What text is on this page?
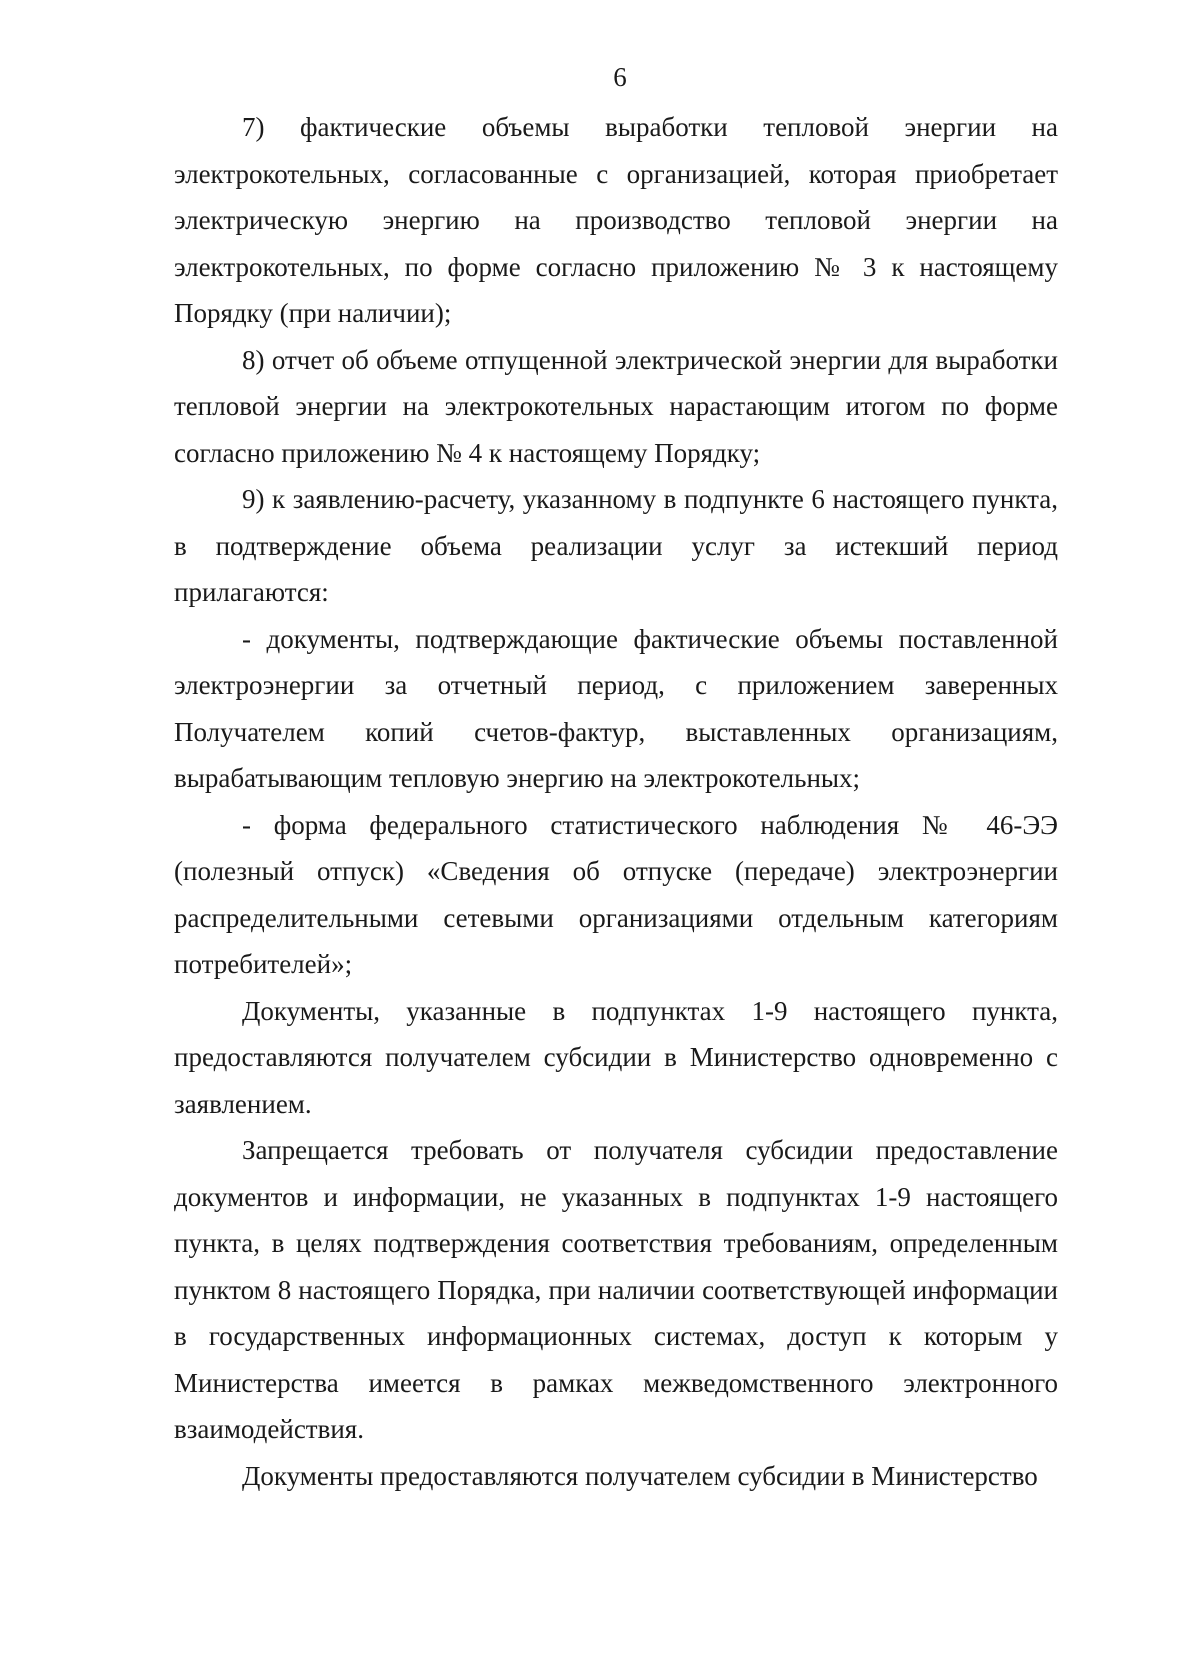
6

7) фактические объемы выработки тепловой энергии на электрокотельных, согласованные с организацией, которая приобретает электрическую энергию на производство тепловой энергии на электрокотельных, по форме согласно приложению № 3 к настоящему Порядку (при наличии);

8) отчет об объеме отпущенной электрической энергии для выработки тепловой энергии на электрокотельных нарастающим итогом по форме согласно приложению № 4 к настоящему Порядку;

9) к заявлению-расчету, указанному в подпункте 6 настоящего пункта, в подтверждение объема реализации услуг за истекший период прилагаются:

- документы, подтверждающие фактические объемы поставленной электроэнергии за отчетный период, с приложением заверенных Получателем копий счетов-фактур, выставленных организациям, вырабатывающим тепловую энергию на электрокотельных;

- форма федерального статистического наблюдения № 46-ЭЭ (полезный отпуск) «Сведения об отпуске (передаче) электроэнергии распределительными сетевыми организациями отдельным категориям потребителей»;

Документы, указанные в подпунктах 1-9 настоящего пункта, предоставляются получателем субсидии в Министерство одновременно с заявлением.

Запрещается требовать от получателя субсидии предоставление документов и информации, не указанных в подпунктах 1-9 настоящего пункта, в целях подтверждения соответствия требованиям, определенным пунктом 8 настоящего Порядка, при наличии соответствующей информации в государственных информационных системах, доступ к которым у Министерства имеется в рамках межведомственного электронного взаимодействия.

Документы предоставляются получателем субсидии в Министерство
